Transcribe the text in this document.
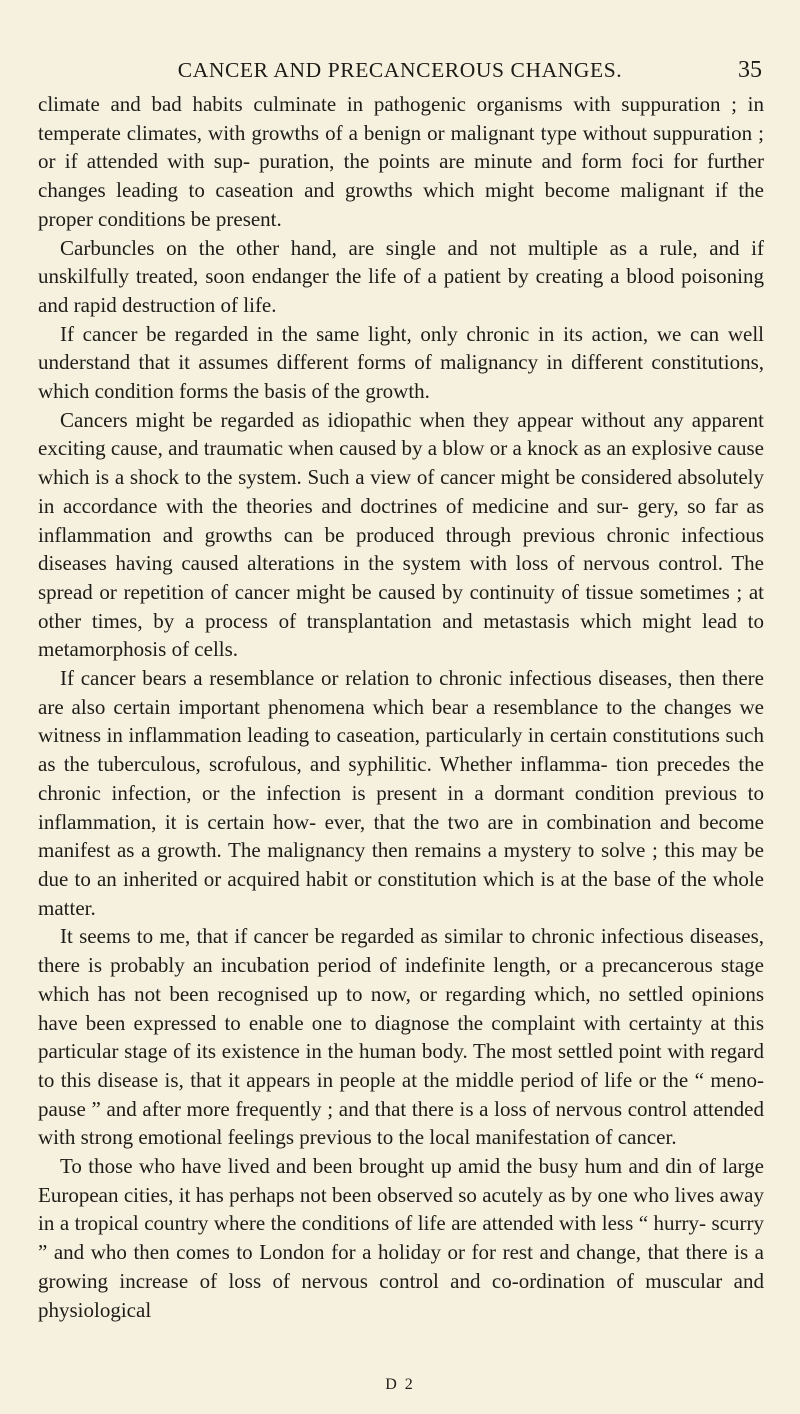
CANCER AND PRECANCEROUS CHANGES.	35

climate and bad habits culminate in pathogenic organisms with suppuration ; in temperate climates, with growths of a benign or malignant type without suppuration ; or if attended with sup- puration, the points are minute and form foci for further changes leading to caseation and growths which might become malignant if the proper conditions be present.

Carbuncles on the other hand, are single and not multiple as a rule, and if unskilfully treated, soon endanger the life of a patient by creating a blood poisoning and rapid destruction of life.

If cancer be regarded in the same light, only chronic in its action, we can well understand that it assumes different forms of malignancy in different constitutions, which condition forms the basis of the growth.

Cancers might be regarded as idiopathic when they appear without any apparent exciting cause, and traumatic when caused by a blow or a knock as an explosive cause which is a shock to the system. Such a view of cancer might be considered absolutely in accordance with the theories and doctrines of medicine and sur- gery, so far as inflammation and growths can be produced through previous chronic infectious diseases having caused alterations in the system with loss of nervous control. The spread or repetition of cancer might be caused by continuity of tissue sometimes ; at other times, by a process of transplantation and metastasis which might lead to metamorphosis of cells.

If cancer bears a resemblance or relation to chronic infectious diseases, then there are also certain important phenomena which bear a resemblance to the changes we witness in inflammation leading to caseation, particularly in certain constitutions such as the tuberculous, scrofulous, and syphilitic. Whether inflamma- tion precedes the chronic infection, or the infection is present in a dormant condition previous to inflammation, it is certain how- ever, that the two are in combination and become manifest as a growth. The malignancy then remains a mystery to solve ; this may be due to an inherited or acquired habit or constitution which is at the base of the whole matter.

It seems to me, that if cancer be regarded as similar to chronic infectious diseases, there is probably an incubation period of indefinite length, or a precancerous stage which has not been recognised up to now, or regarding which, no settled opinions have been expressed to enable one to diagnose the complaint with certainty at this particular stage of its existence in the human body. The most settled point with regard to this disease is, that it appears in people at the middle period of life or the “ meno- pause ” and after more frequently ; and that there is a loss of nervous control attended with strong emotional feelings previous to the local manifestation of cancer.

To those who have lived and been brought up amid the busy hum and din of large European cities, it has perhaps not been observed so acutely as by one who lives away in a tropical country where the conditions of life are attended with less “ hurry- scurry ” and who then comes to London for a holiday or for rest and change, that there is a growing increase of loss of nervous control and co-ordination of muscular and physiological

D 2
